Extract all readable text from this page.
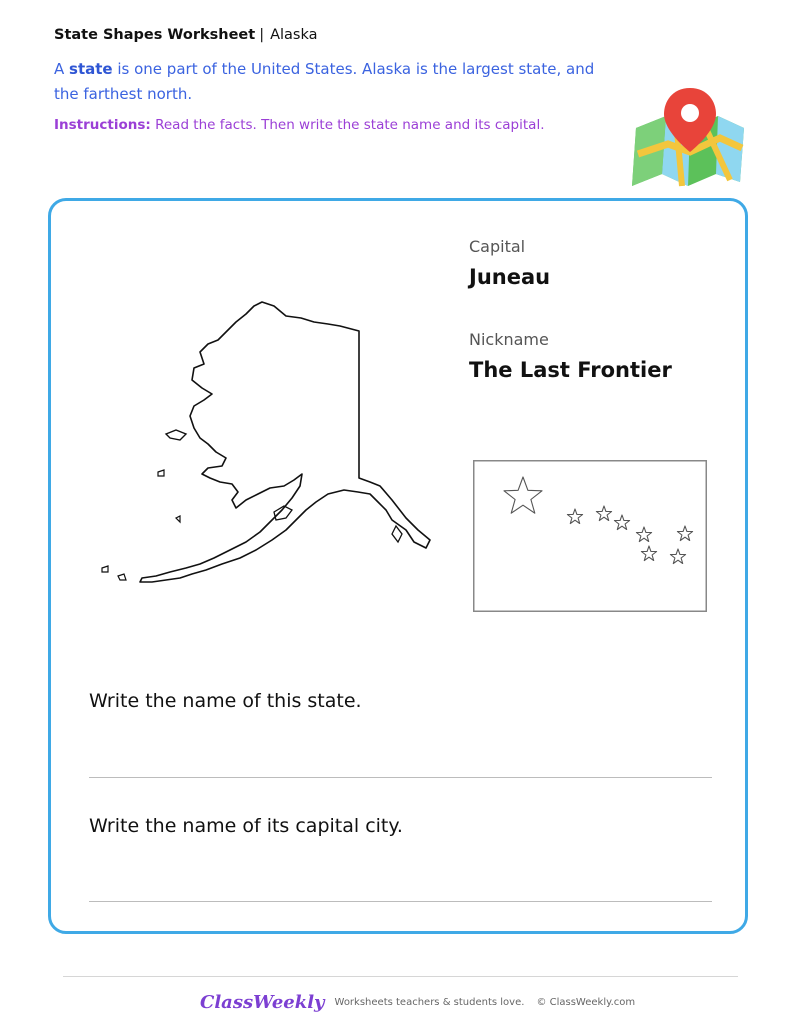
State Shapes Worksheet | Alaska
A state is one part of the United States. Alaska is the largest state, and the farthest north.
Instructions: Read the facts. Then write the state name and its capital.
Capital
Juneau
Nickname
The Last Frontier
Write the name of this state.
Write the name of its capital city.
ClassWeekly Worksheets teachers & students love. © ClassWeekly.com
